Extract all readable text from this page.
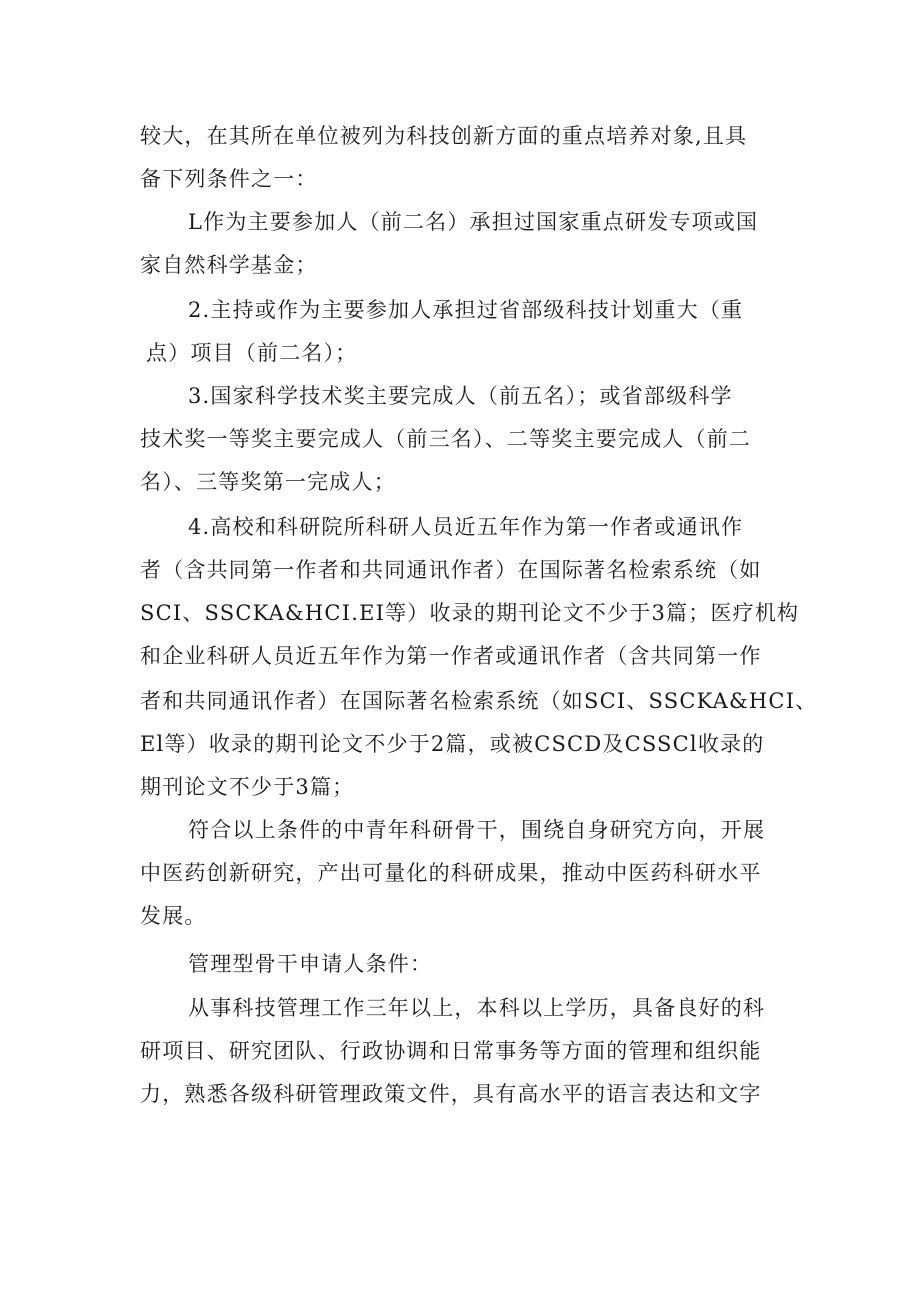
较大，在其所在单位被列为科技创新方面的重点培养对象,且具
备下列条件之一：
L作为主要参加人（前二名）承担过国家重点研发专项或国
家自然科学基金；
2.主持或作为主要参加人承担过省部级科技计划重大（重
点）项目（前二名）；
3.国家科学技术奖主要完成人（前五名）；或省部级科学
技术奖一等奖主要完成人（前三名）、二等奖主要完成人（前二
名）、三等奖第一完成人；
4.高校和科研院所科研人员近五年作为第一作者或通讯作
者（含共同第一作者和共同通讯作者）在国际著名检索系统（如
SCI、SSCKA&HCI.EI等）收录的期刊论文不少于3篇；医疗机构
和企业科研人员近五年作为第一作者或通讯作者（含共同第一作
者和共同通讯作者）在国际著名检索系统（如SCI、SSCKA&HCI、
El等）收录的期刊论文不少于2篇，或被CSCD及CSSCl收录的
期刊论文不少于3篇；
符合以上条件的中青年科研骨干，围绕自身研究方向，开展
中医药创新研究，产出可量化的科研成果，推动中医药科研水平
发展。
管理型骨干申请人条件：
从事科技管理工作三年以上，本科以上学历，具备良好的科
研项目、研究团队、行政协调和日常事务等方面的管理和组织能
力，熟悉各级科研管理政策文件，具有高水平的语言表达和文字
